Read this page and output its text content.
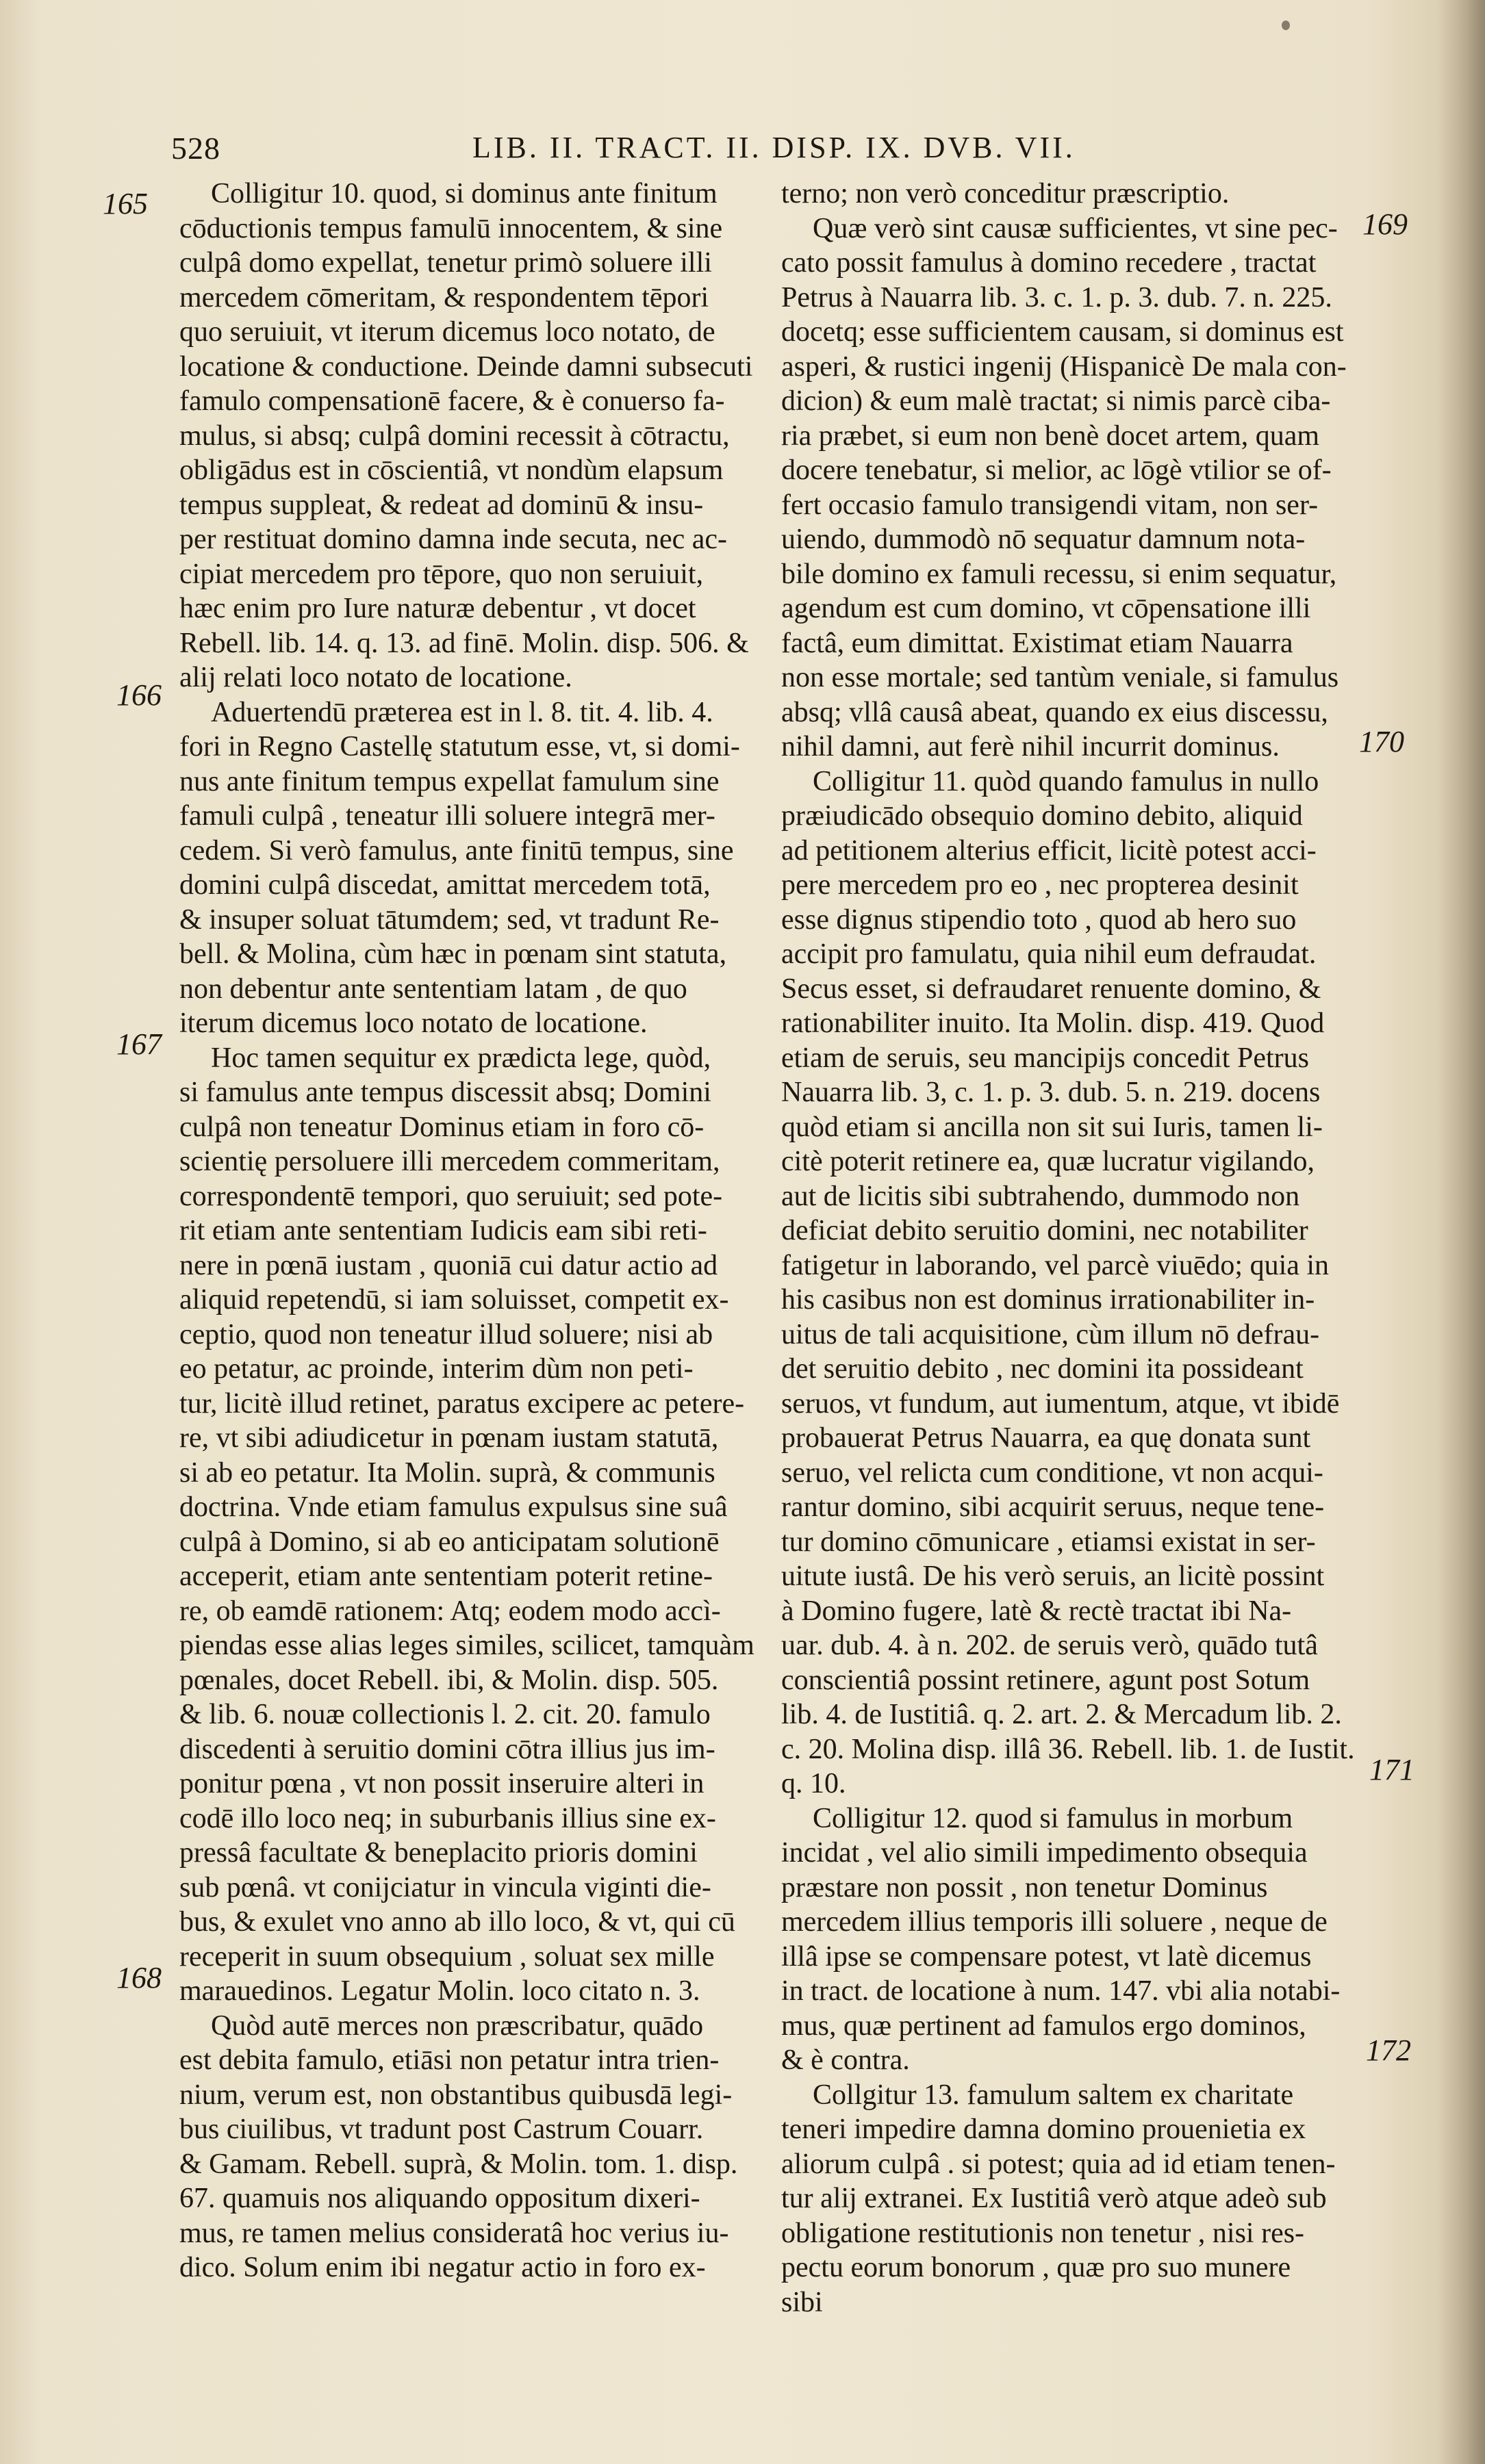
528	LIB. II. TRACT. II. DISP. IX. DVB. VII.
165
166
167
168
169
170
171
172
Colligitur 10. quod, si dominus ante finitum
cōductionis tempus famulū innocentem, & sine
culpâ domo expellat, tenetur primò soluere illi
mercedem cōmeritam, & respondentem tēpori
quo seruiuit, vt iterum dicemus loco notato, de
locatione & conductione. Deinde damni subsecuti
famulo compensationē facere, & è conuerso fa-
mulus, si absq; culpâ domini recessit à cōtractu,
obligādus est in cōscientiâ, vt nondùm elapsum
tempus suppleat, & redeat ad dominū & insu-
per restituat domino damna inde secuta, nec ac-
cipiat mercedem pro tēpore, quo non seruiuit,
hæc enim pro Iure naturæ debentur , vt docet
Rebell. lib. 14. q. 13. ad finē. Molin. disp. 506. &
alij relati loco notato de locatione.
Aduertendū præterea est in l. 8. tit. 4. lib. 4.
fori in Regno Castellę statutum esse, vt, si domi-
nus ante finitum tempus expellat famulum sine
famuli culpâ , teneatur illi soluere integrā mer-
cedem. Si verò famulus, ante finitū tempus, sine
domini culpâ discedat, amittat mercedem totā,
& insuper soluat tātumdem; sed, vt tradunt Re-
bell. & Molina, cùm hæc in pœnam sint statuta,
non debentur ante sententiam latam , de quo
iterum dicemus loco notato de locatione.
Hoc tamen sequitur ex prædicta lege, quòd,
si famulus ante tempus discessit absq; Domini
culpâ non teneatur Dominus etiam in foro cō-
scientię persoluere illi mercedem commeritam,
correspondentē tempori, quo seruiuit; sed pote-
rit etiam ante sententiam Iudicis eam sibi reti-
nere in pœnā iustam , quoniā cui datur actio ad
aliquid repetendū, si iam soluisset, competit ex-
ceptio, quod non teneatur illud soluere; nisi ab
eo petatur, ac proinde, interim dùm non peti-
tur, licitè illud retinet, paratus excipere ac petere-
re, vt sibi adiudicetur in pœnam iustam statutā,
si ab eo petatur. Ita Molin. suprà, & communis
doctrina. Vnde etiam famulus expulsus sine suâ
culpâ à Domino, si ab eo anticipatam solutionē
acceperit, etiam ante sententiam poterit retine-
re, ob eamdē rationem: Atq; eodem modo accì-
piendas esse alias leges similes, scilicet, tamquàm
pœnales, docet Rebell. ibi, & Molin. disp. 505.
& lib. 6. nouæ collectionis l. 2. cit. 20. famulo
discedenti à seruitio domini cōtra illius jus im-
ponitur pœna , vt non possit inseruire alteri in
codē illo loco neq; in suburbanis illius sine ex-
pressâ facultate & beneplacito prioris domini
sub pœnâ. vt conijciatur in vincula viginti die-
bus, & exulet vno anno ab illo loco, & vt, qui cū
receperit in suum obsequium , soluat sex mille
marauedinos. Legatur Molin. loco citato n. 3.
Quòd autē merces non præscribatur, quādo
est debita famulo, etiāsi non petatur intra trien-
nium, verum est, non obstantibus quibusdā legi-
bus ciuilibus, vt tradunt post Castrum Couarr.
& Gamam. Rebell. suprà, & Molin. tom. 1. disp.
67. quamuis nos aliquando oppositum dixeri-
mus, re tamen melius consideratâ hoc verius iu-
dico. Solum enim ibi negatur actio in foro ex-
terno; non verò conceditur præscriptio.
Quæ verò sint causæ sufficientes, vt sine pec-
cato possit famulus à domino recedere , tractat
Petrus à Nauarra lib. 3. c. 1. p. 3. dub. 7. n. 225.
docetq; esse sufficientem causam, si dominus est
asperi, & rustici ingenij (Hispanicè De mala con-
dicion) & eum malè tractat; si nimis parcè ciba-
ria præbet, si eum non benè docet artem, quam
docere tenebatur, si melior, ac lōgè vtilior se of-
fert occasio famulo transigendi vitam, non ser-
uiendo, dummodò nō sequatur damnum nota-
bile domino ex famuli recessu, si enim sequatur,
agendum est cum domino, vt cōpensatione illi
factâ, eum dimittat. Existimat etiam Nauarra
non esse mortale; sed tantùm veniale, si famulus
absq; vllâ causâ abeat, quando ex eius discessu,
nihil damni, aut ferè nihil incurrit dominus.
Colligitur 11. quòd quando famulus in nullo
præiudicādo obsequio domino debito, aliquid
ad petitionem alterius efficit, licitè potest acci-
pere mercedem pro eo , nec propterea desinit
esse dignus stipendio toto , quod ab hero suo
accipit pro famulatu, quia nihil eum defraudat.
Secus esset, si defraudaret renuente domino, &
rationabiliter inuito. Ita Molin. disp. 419. Quod
etiam de seruis, seu mancipijs concedit Petrus
Nauarra lib. 3, c. 1. p. 3. dub. 5. n. 219. docens
quòd etiam si ancilla non sit sui Iuris, tamen li-
citè poterit retinere ea, quæ lucratur vigilando,
aut de licitis sibi subtrahendo, dummodo non
deficiat debito seruitio domini, nec notabiliter
fatigetur in laborando, vel parcè viuēdo; quia in
his casibus non est dominus irrationabiliter in-
uitus de tali acquisitione, cùm illum nō defrau-
det seruitio debito , nec domini ita possideant
seruos, vt fundum, aut iumentum, atque, vt ibidē
probauerat Petrus Nauarra, ea quę donata sunt
seruo, vel relicta cum conditione, vt non acqui-
rantur domino, sibi acquirit seruus, neque tene-
tur domino cōmunicare , etiamsi existat in ser-
uitute iustâ. De his verò seruis, an licitè possint
à Domino fugere, latè & rectè tractat ibi Na-
uar. dub. 4. à n. 202. de seruis verò, quādo tutâ
conscientiâ possint retinere, agunt post Sotum
lib. 4. de Iustitiâ. q. 2. art. 2. & Mercadum lib. 2.
c. 20. Molina disp. illâ 36. Rebell. lib. 1. de Iustit.
q. 10.
Colligitur 12. quod si famulus in morbum
incidat , vel alio simili impedimento obsequia
præstare non possit , non tenetur Dominus
mercedem illius temporis illi soluere , neque de
illâ ipse se compensare potest, vt latè dicemus
in tract. de locatione à num. 147. vbi alia notabi-
mus, quæ pertinent ad famulos ergo dominos,
& è contra.
Collgitur 13. famulum saltem ex charitate
teneri impedire damna domino prouenietia ex
aliorum culpâ . si potest; quia ad id etiam tenen-
tur alij extranei. Ex Iustitiâ verò atque adeò sub
obligatione restitutionis non tenetur , nisi res-
pectu eorum bonorum , quæ pro suo munere
sibi
